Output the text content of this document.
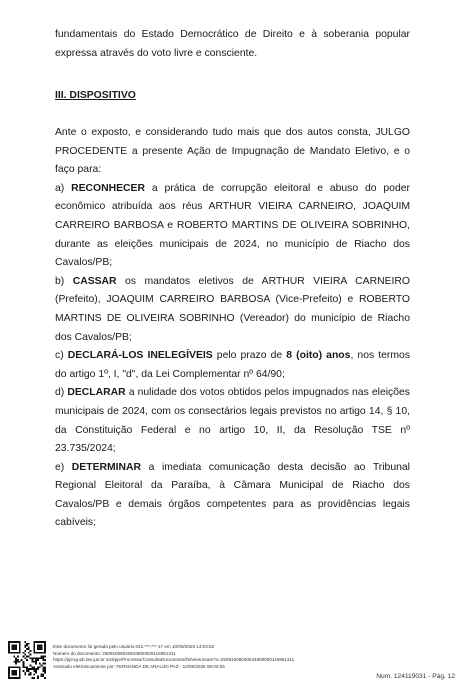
fundamentais do Estado Democrático de Direito e à soberania popular expressa através do voto livre e consciente.
III. DISPOSITIVO

Ante o exposto, e considerando tudo mais que dos autos consta, JULGO PROCEDENTE a presente Ação de Impugnação de Mandato Eletivo, e o faço para:

a) RECONHECER a prática de corrupção eleitoral e abuso do poder econômico atribuída aos réus ARTHUR VIEIRA CARNEIRO, JOAQUIM CARREIRO BARBOSA e ROBERTO MARTINS DE OLIVEIRA SOBRINHO, durante as eleições municipais de 2024, no município de Riacho dos Cavalos/PB;

b) CASSAR os mandatos eletivos de ARTHUR VIEIRA CARNEIRO (Prefeito), JOAQUIM CARREIRO BARBOSA (Vice-Prefeito) e ROBERTO MARTINS DE OLIVEIRA SOBRINHO (Vereador) do município de Riacho dos Cavalos/PB;

c) DECLARÁ-LOS INELEGÍVEIS pelo prazo de 8 (oito) anos, nos termos do artigo 1º, I, "d", da Lei Complementar nº 64/90;

d) DECLARAR a nulidade dos votos obtidos pelos impugnados nas eleições municipais de 2024, com os consectários legais previstos no artigo 14, § 10, da Constituição Federal e no artigo 10, II, da Resolução TSE nº 23.735/2024;

e) DETERMINAR a imediata comunicação desta decisão ao Tribunal Regional Eleitoral da Paraíba, à Câmara Municipal de Riacho dos Cavalos/PB e demais órgãos competentes para as providências legais cabíveis;

Este documento foi gerado pelo usuário 042.***.***-17 em 10/09/2025 14:03:52
Número do documento: 25091008040534800000116951311
https://pje1g-pb.tse.jus.br:443/pje/Processo/ConsultaDocumento/listView.seam?x=25091008040534800000116951311
Assinado eletronicamente por: FERNANDA DE ARAUJO PAZ - 10/09/2025 08:04:05
Num. 124119031 - Pág. 12
